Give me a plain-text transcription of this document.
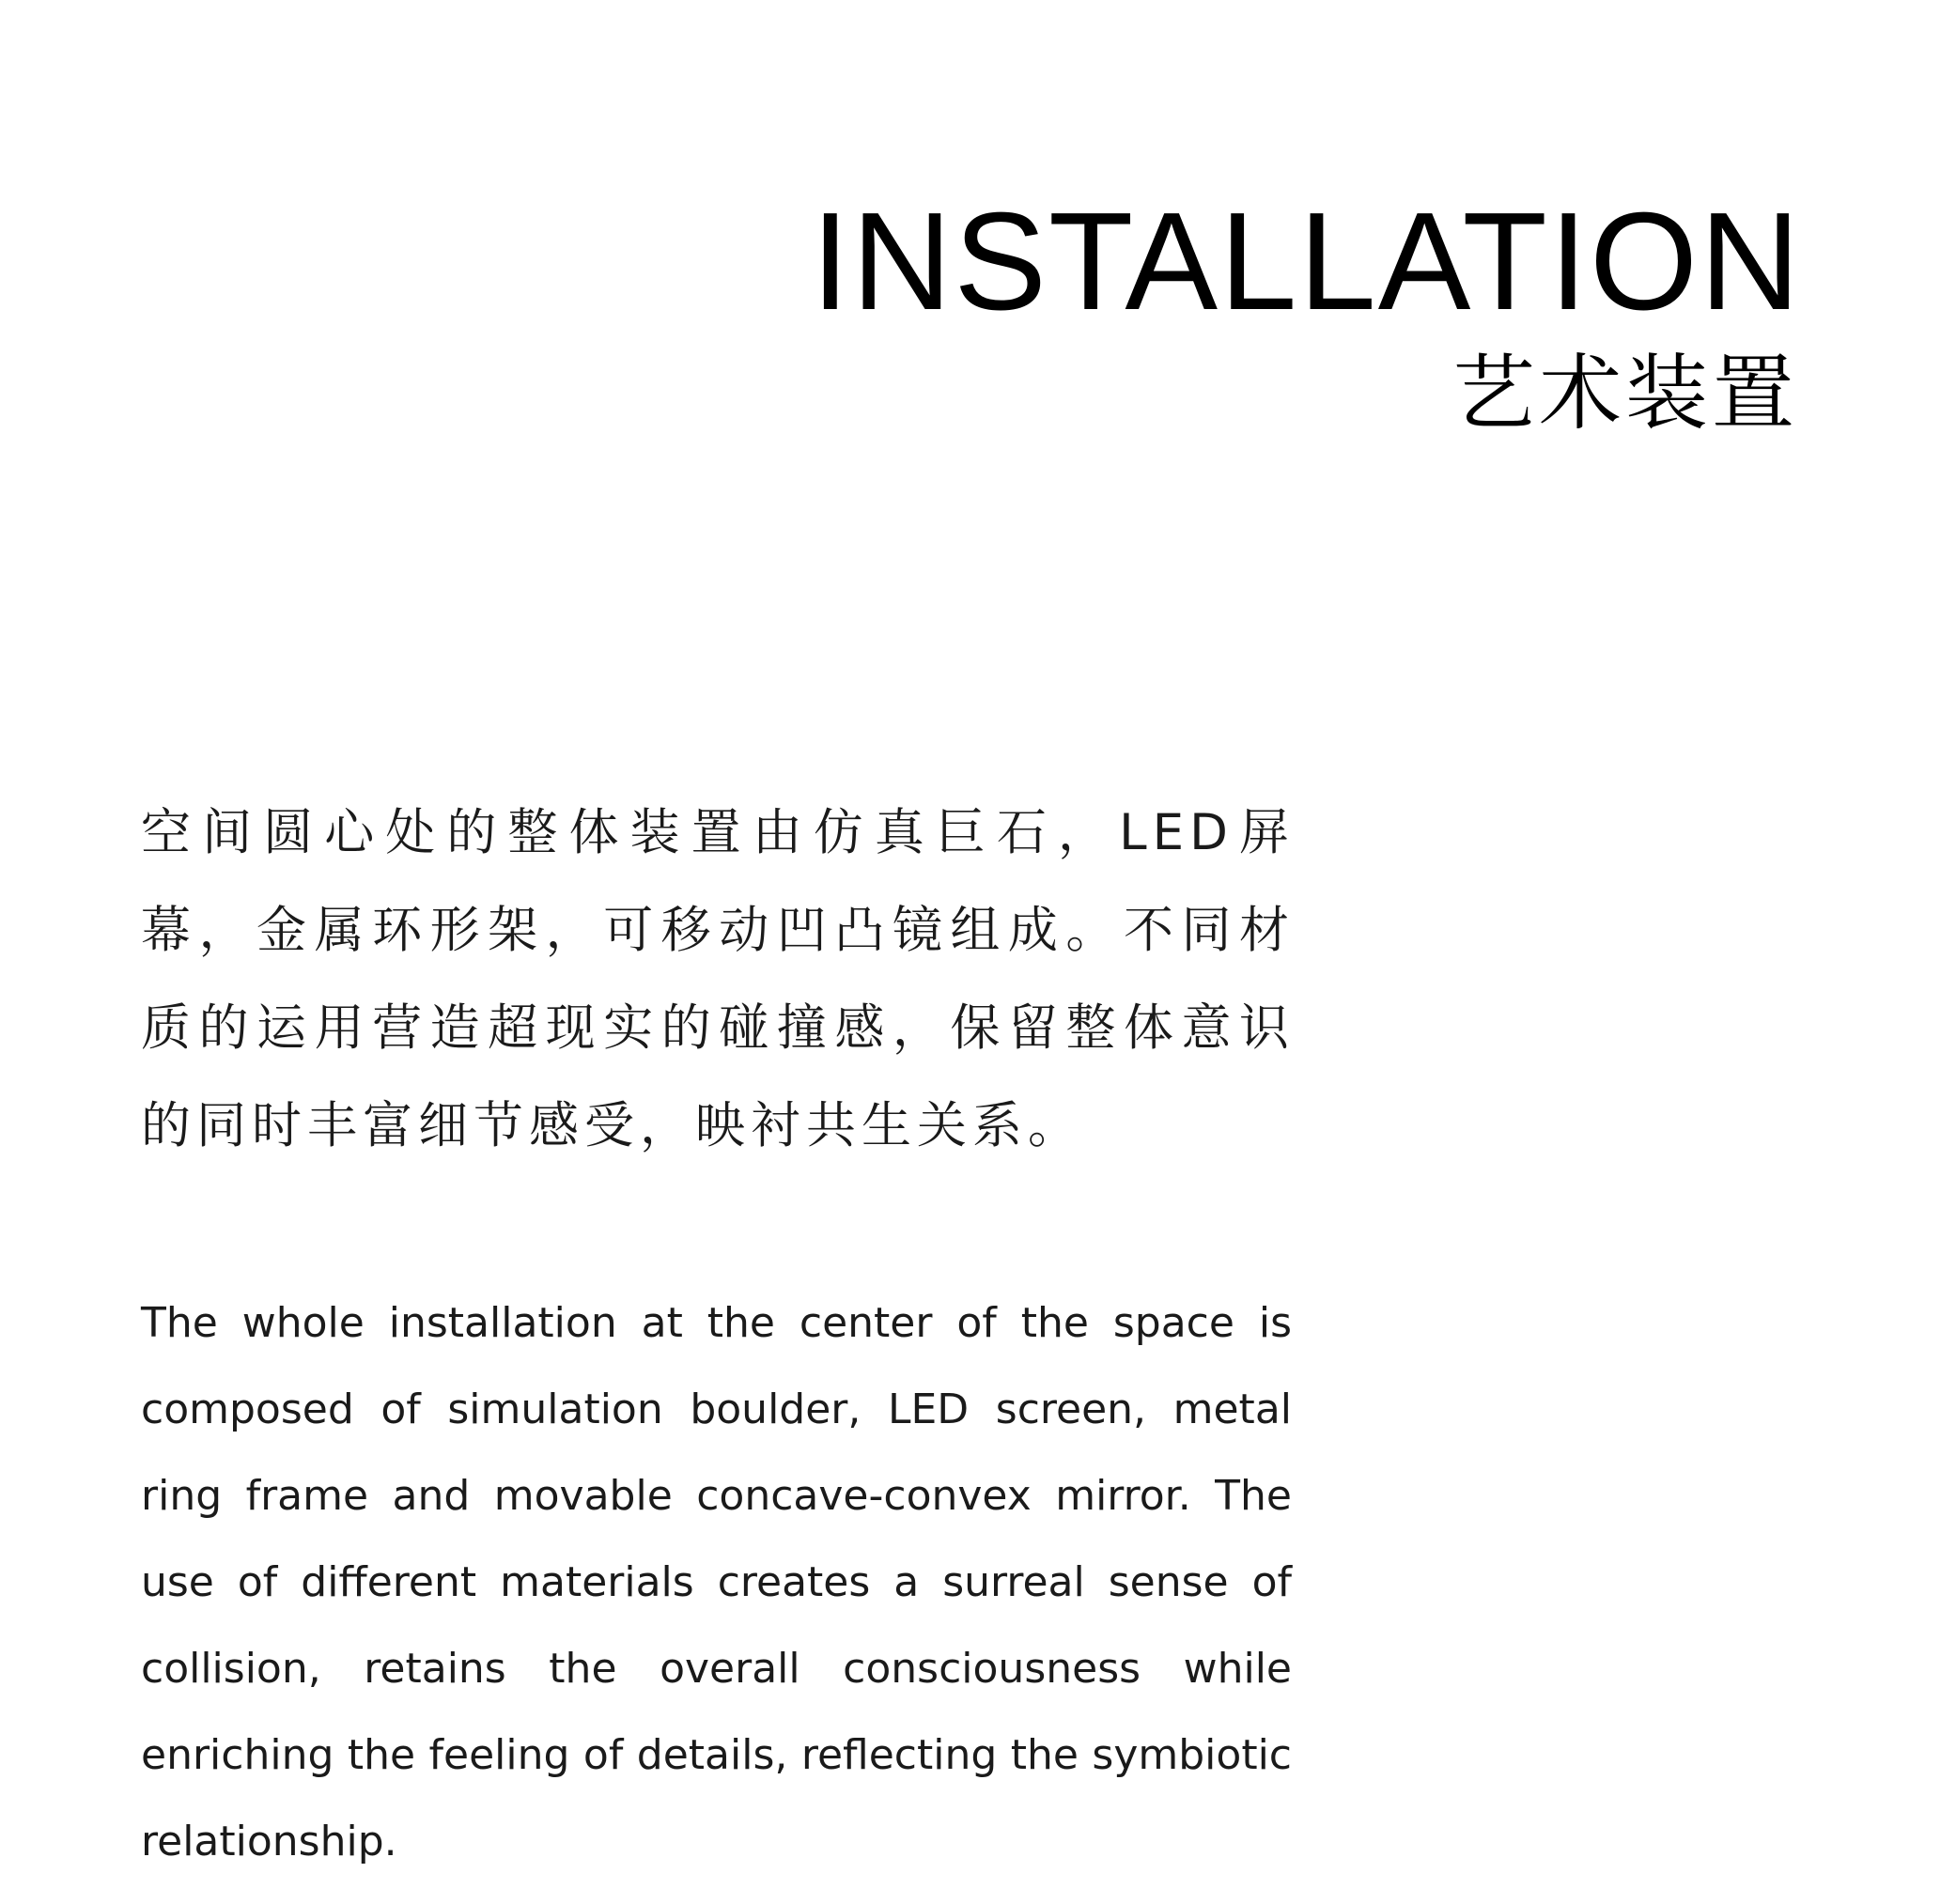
INSTALLATION
艺术装置
空间圆心处的整体装置由仿真巨石，LED屏幕，金属环形架，可移动凹凸镜组成。不同材质的运用营造超现实的碰撞感，保留整体意识的同时丰富细节感受，映衬共生关系。
The whole installation at the center of the space is composed of simulation boulder, LED screen, metal ring frame and movable concave-convex mirror. The use of different materials creates a surreal sense of collision, retains the overall consciousness while enriching the feeling of details, reflecting the symbiotic relationship.
